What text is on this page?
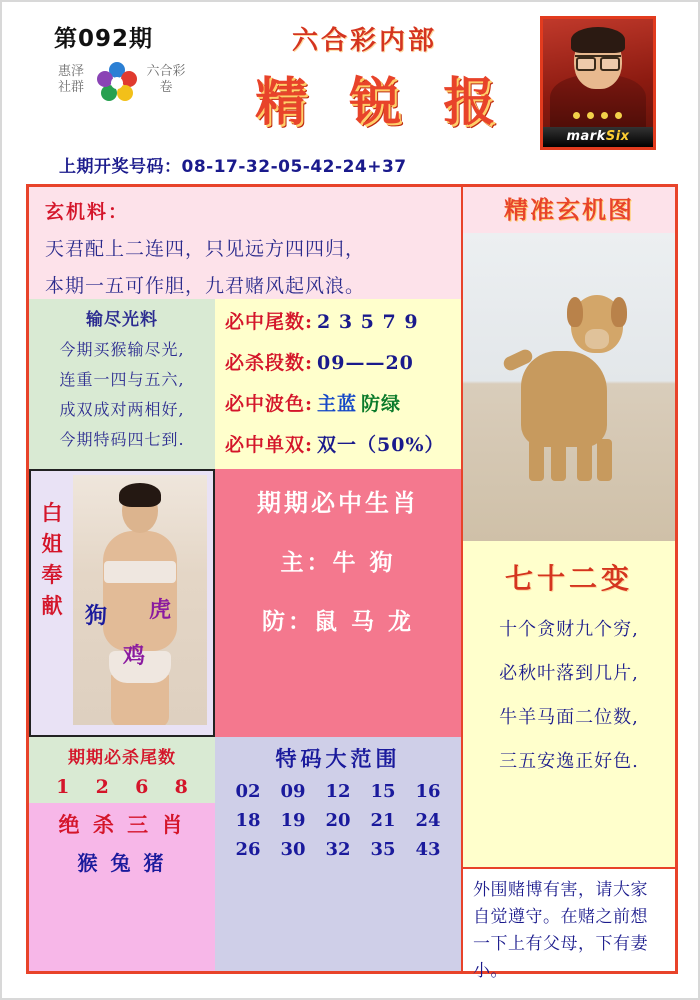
第092期
惠泽社群
六合彩卷
六合彩内部
精 锐 报
markSix
上期开奖号码：08-17-32-05-42-24+37
玄机料：
天君配上二连四，只见远方四四归，
本期一五可作胆，九君赌风起风浪。
输尽光料
今期买猴输尽光,
连重一四与五六,
成双成对两相好,
今期特码四七到.
必中尾数: 2 3 5 7 9
必杀段数: 09——20
必中波色: 主蓝 防绿
必中单双: 双一（50%）
白姐奉献 狗 虎
鸡
期期必中生肖
主：牛 狗
防：鼠 马 龙
期期必杀尾数
1 2 6 8
绝 杀 三 肖
猴 兔 猪
特码大范围
02	09	12	15	16
18	19	20	21	24
26	30	32	35	43
精准玄机图
七十二变
十个贪财九个穷,
必秋叶落到几片,
牛羊马面二位数,
三五安逸正好色.
外围赌博有害，请大家自觉遵守。在赌之前想一下上有父母，下有妻小。
